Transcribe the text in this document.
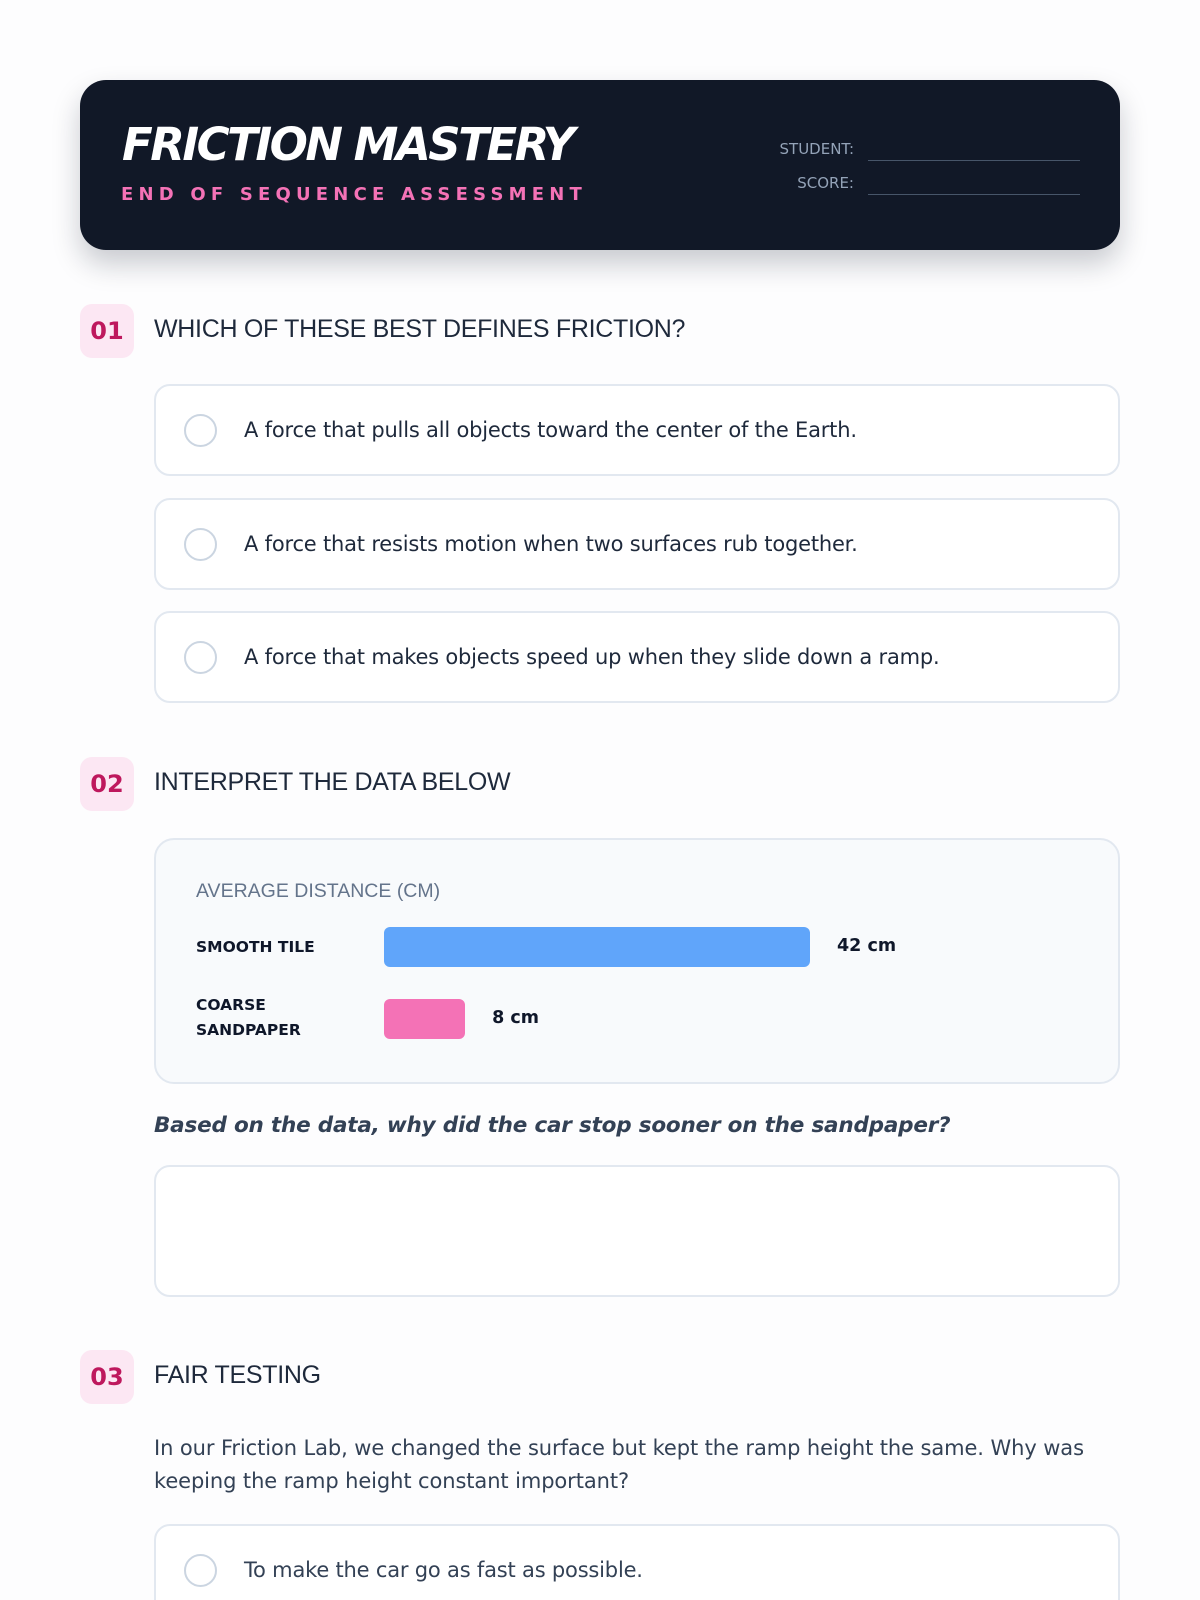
FRICTION MASTERY
END OF SEQUENCE ASSESSMENT
STUDENT:
SCORE:
01	WHICH OF THESE BEST DEFINES FRICTION?
A force that pulls all objects toward the center of the Earth.
A force that resists motion when two surfaces rub together.
A force that makes objects speed up when they slide down a ramp.
02	INTERPRET THE DATA BELOW
AVERAGE DISTANCE (CM)
SMOOTH TILE
COARSE SANDPAPER
42 cm
8 cm
Based on the data, why did the car stop sooner on the sandpaper?
03	FAIR TESTING
In our Friction Lab, we changed the surface but kept the ramp height the same. Why was keeping the ramp height constant important?
To make the car go as fast as possible.
